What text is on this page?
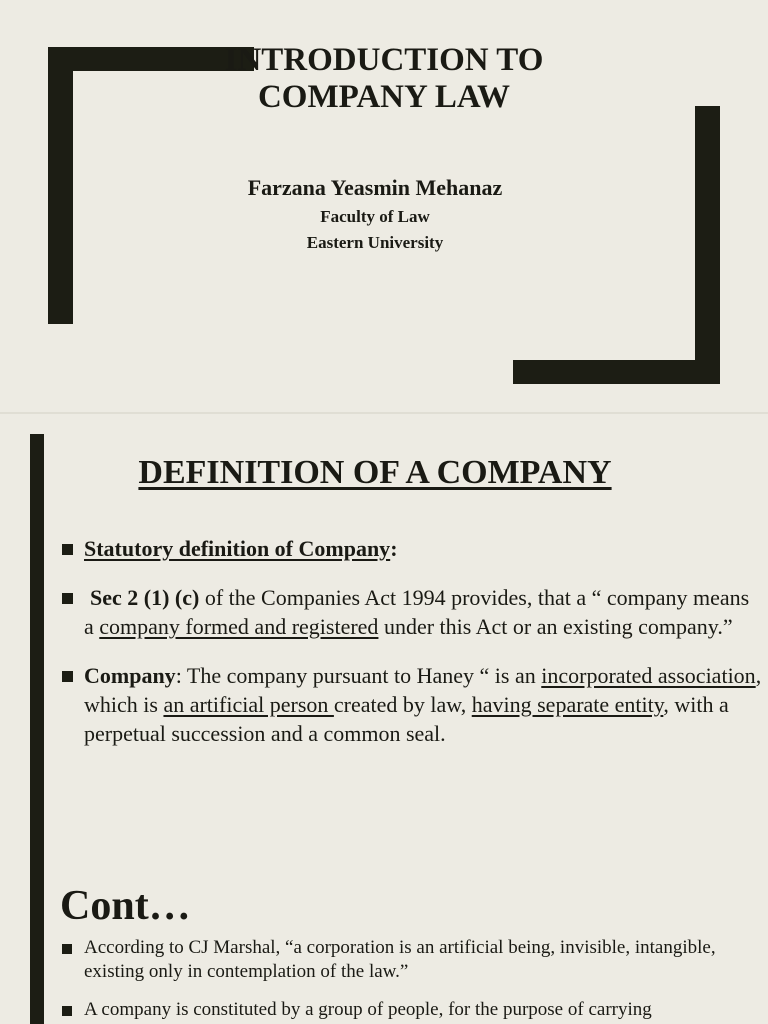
INTRODUCTION TO
COMPANY LAW
Farzana Yeasmin Mehanaz
Faculty of Law
Eastern University
DEFINITION OF A COMPANY

Statutory definition of Company:

Sec 2 (1) (c) of the Companies Act 1994 provides, that a “ company means a company formed and registered under this Act or an existing company.”

Company: The company pursuant to Haney “ is an incorporated association, which is an artificial person created by law, having separate entity, with a perpetual succession and a common seal.

Cont…

According to CJ Marshal, “a corporation is an artificial being, invisible, intangible, existing only in contemplation of the law.”

A company is constituted by a group of people, for the purpose of carrying
